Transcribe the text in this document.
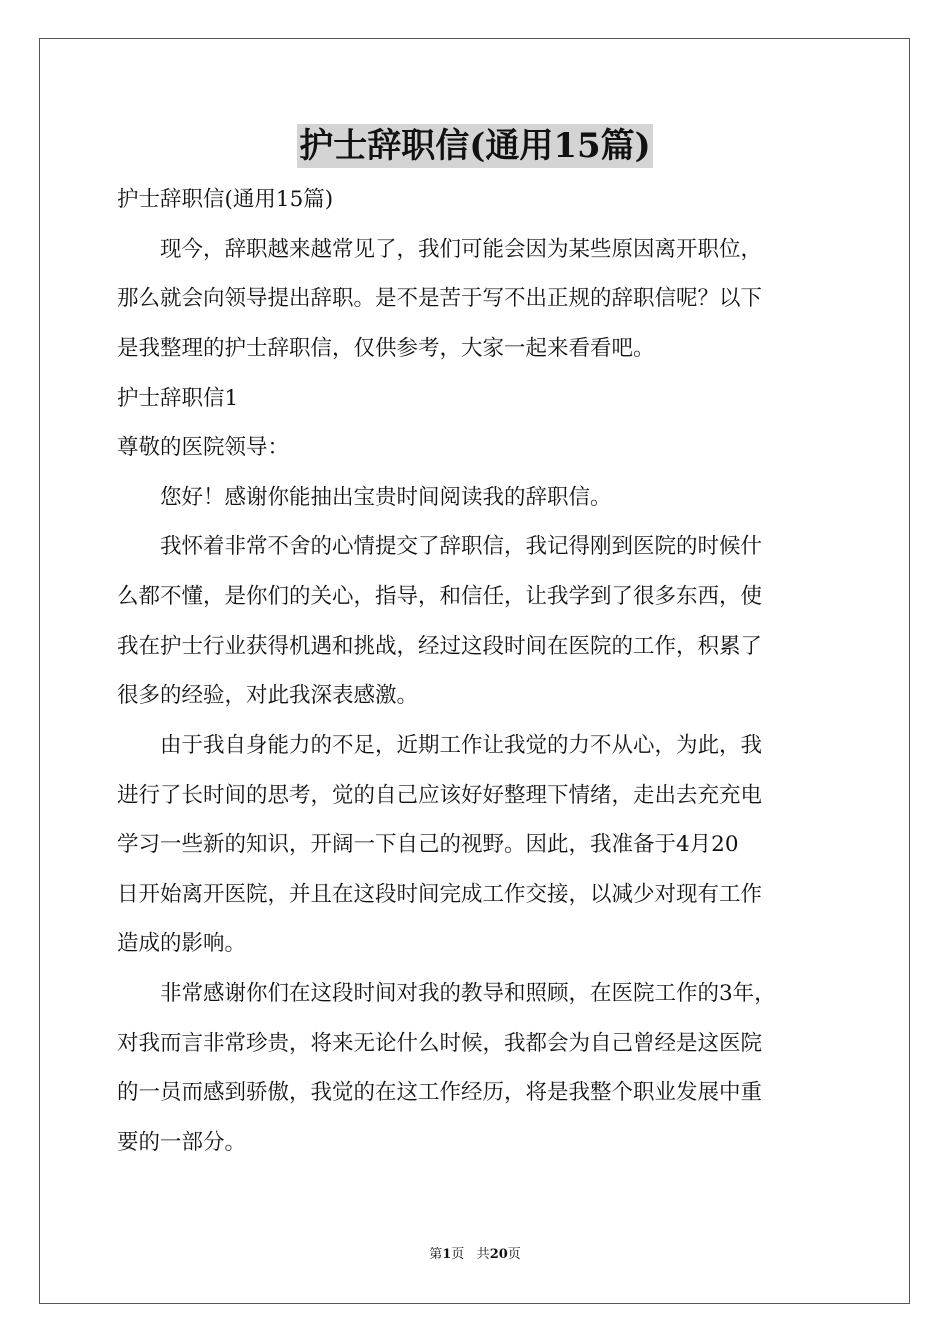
护士辞职信(通用15篇)
护士辞职信(通用15篇)
　　现今，辞职越来越常见了，我们可能会因为某些原因离开职位，
那么就会向领导提出辞职。是不是苦于写不出正规的辞职信呢？以下
是我整理的护士辞职信，仅供参考，大家一起来看看吧。
护士辞职信1
尊敬的医院领导：
　　您好！感谢你能抽出宝贵时间阅读我的辞职信。
　　我怀着非常不舍的心情提交了辞职信，我记得刚到医院的时候什
么都不懂，是你们的关心，指导，和信任，让我学到了很多东西，使
我在护士行业获得机遇和挑战，经过这段时间在医院的工作，积累了
很多的经验，对此我深表感激。
　　由于我自身能力的不足，近期工作让我觉的力不从心，为此，我
进行了长时间的思考，觉的自己应该好好整理下情绪，走出去充充电
学习一些新的知识，开阔一下自己的视野。因此，我准备于4月20
日开始离开医院，并且在这段时间完成工作交接，以减少对现有工作
造成的影响。
　　非常感谢你们在这段时间对我的教导和照顾，在医院工作的3年，
对我而言非常珍贵，将来无论什么时候，我都会为自己曾经是这医院
的一员而感到骄傲，我觉的在这工作经历，将是我整个职业发展中重
要的一部分。
第1页 共20页
